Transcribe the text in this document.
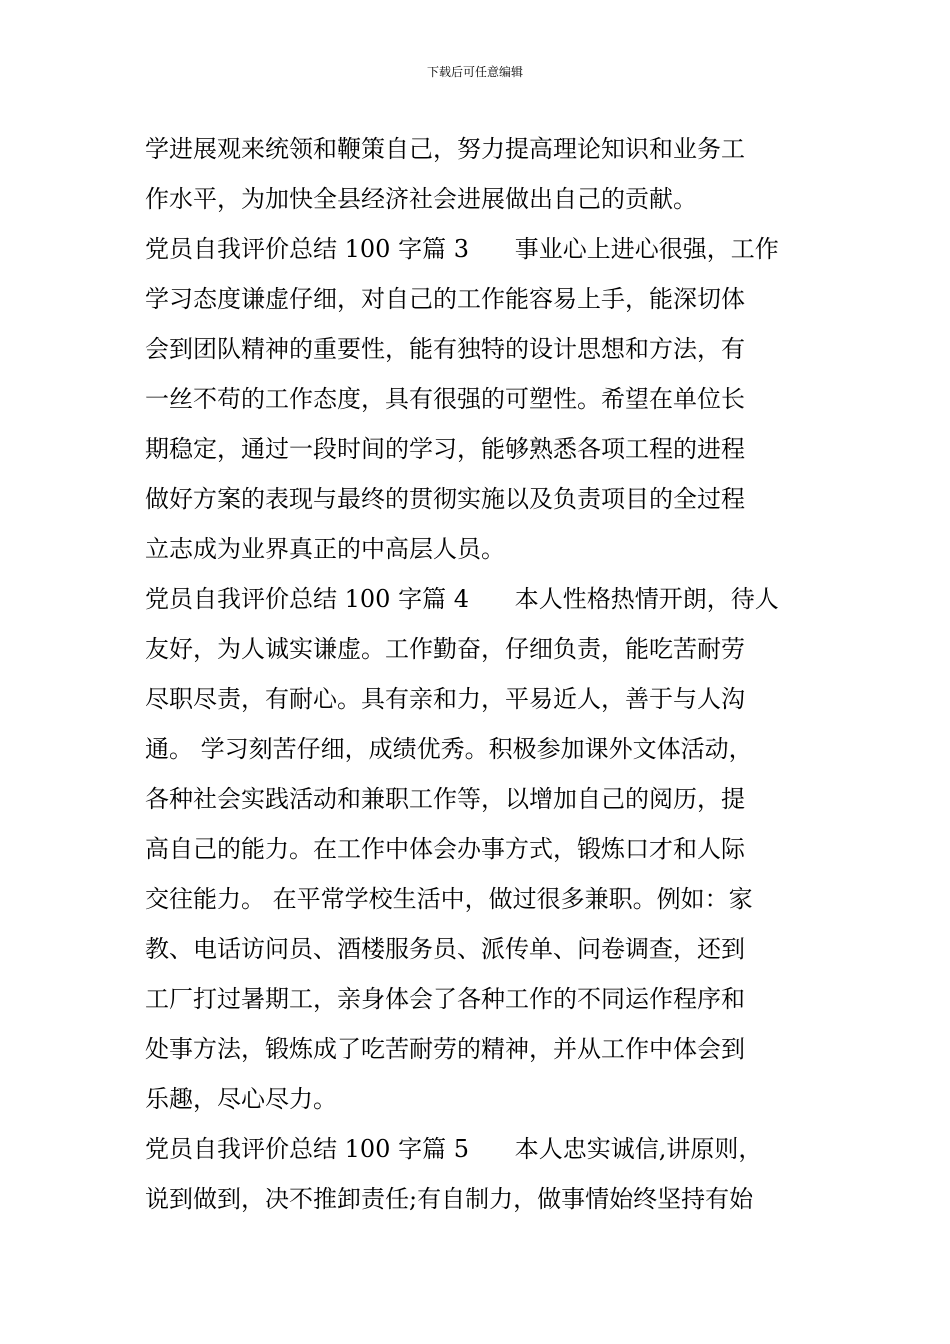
下载后可任意编辑
学进展观来统领和鞭策自己，努力提高理论知识和业务工
作水平，为加快全县经济社会进展做出自己的贡献。
党员自我评价总结 100 字篇 3      事业心上进心很强，工作
学习态度谦虚仔细，对自己的工作能容易上手，能深切体
会到团队精神的重要性，能有独特的设计思想和方法，有
一丝不苟的工作态度，具有很强的可塑性。希望在单位长
期稳定，通过一段时间的学习，能够熟悉各项工程的进程
做好方案的表现与最终的贯彻实施以及负责项目的全过程
立志成为业界真正的中高层人员。
党员自我评价总结 100 字篇 4      本人性格热情开朗，待人
友好，为人诚实谦虚。工作勤奋，仔细负责，能吃苦耐劳
尽职尽责，有耐心。具有亲和力，平易近人，善于与人沟
通。 学习刻苦仔细，成绩优秀。积极参加课外文体活动，
各种社会实践活动和兼职工作等，以增加自己的阅历，提
高自己的能力。在工作中体会办事方式，锻炼口才和人际
交往能力。 在平常学校生活中，做过很多兼职。例如：家
教、电话访问员、酒楼服务员、派传单、问卷调查，还到
工厂打过暑期工，亲身体会了各种工作的不同运作程序和
处事方法，锻炼成了吃苦耐劳的精神，并从工作中体会到
乐趣，尽心尽力。
党员自我评价总结 100 字篇 5      本人忠实诚信,讲原则，
说到做到，决不推卸责任;有自制力，做事情始终坚持有始
